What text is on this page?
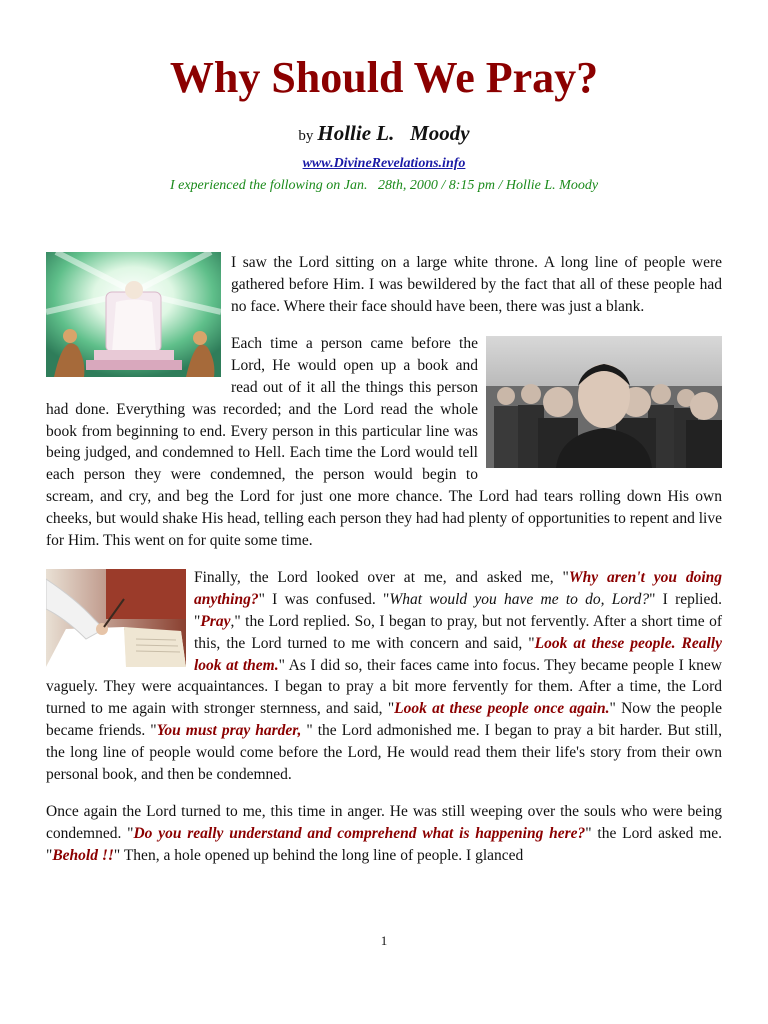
Why Should We Pray?
by Hollie L.   Moody
www.DivineRevelations.info
I experienced the following on Jan.   28th, 2000 / 8:15 pm / Hollie L. Moody

I saw the Lord sitting on a large white throne. A long line of people were gathered before Him. I was bewildered by the fact that all of these people had no face. Where their face should have been, there was just a blank.

Each time a person came before the Lord, He would open up a book and read out of it all the things this person had done. Everything was recorded; and the Lord read the whole book from beginning to end. Every person in this particular line was being judged, and condemned to Hell. Each time the Lord would tell each person they were condemned, the person would begin to scream, and cry, and beg the Lord for just one more chance. The Lord had tears rolling down His own cheeks, but would shake His head, telling each person they had had plenty of opportunities to repent and live for Him. This went on for quite some time.

Finally, the Lord looked over at me, and asked me, "Why aren't you doing anything?" I was confused. "What would you have me to do, Lord?" I replied. "Pray," the Lord replied. So, I began to pray, but not fervently. After a short time of this, the Lord turned to me with concern and said, "Look at these people. Really look at them." As I did so, their faces came into focus. They became people I knew vaguely. They were acquaintances. I began to pray a bit more fervently for them. After a time, the Lord turned to me again with stronger sternness, and said, "Look at these people once again." Now the people became friends. "You must pray harder, " the Lord admonished me. I began to pray a bit harder. But still, the long line of people would come before the Lord, He would read them their life's story from their own personal book, and then be condemned.

Once again the Lord turned to me, this time in anger. He was still weeping over the souls who were being condemned. "Do you really understand and comprehend what is happening here?" the Lord asked me. "Behold !!" Then, a hole opened up behind the long line of people. I glanced

1
